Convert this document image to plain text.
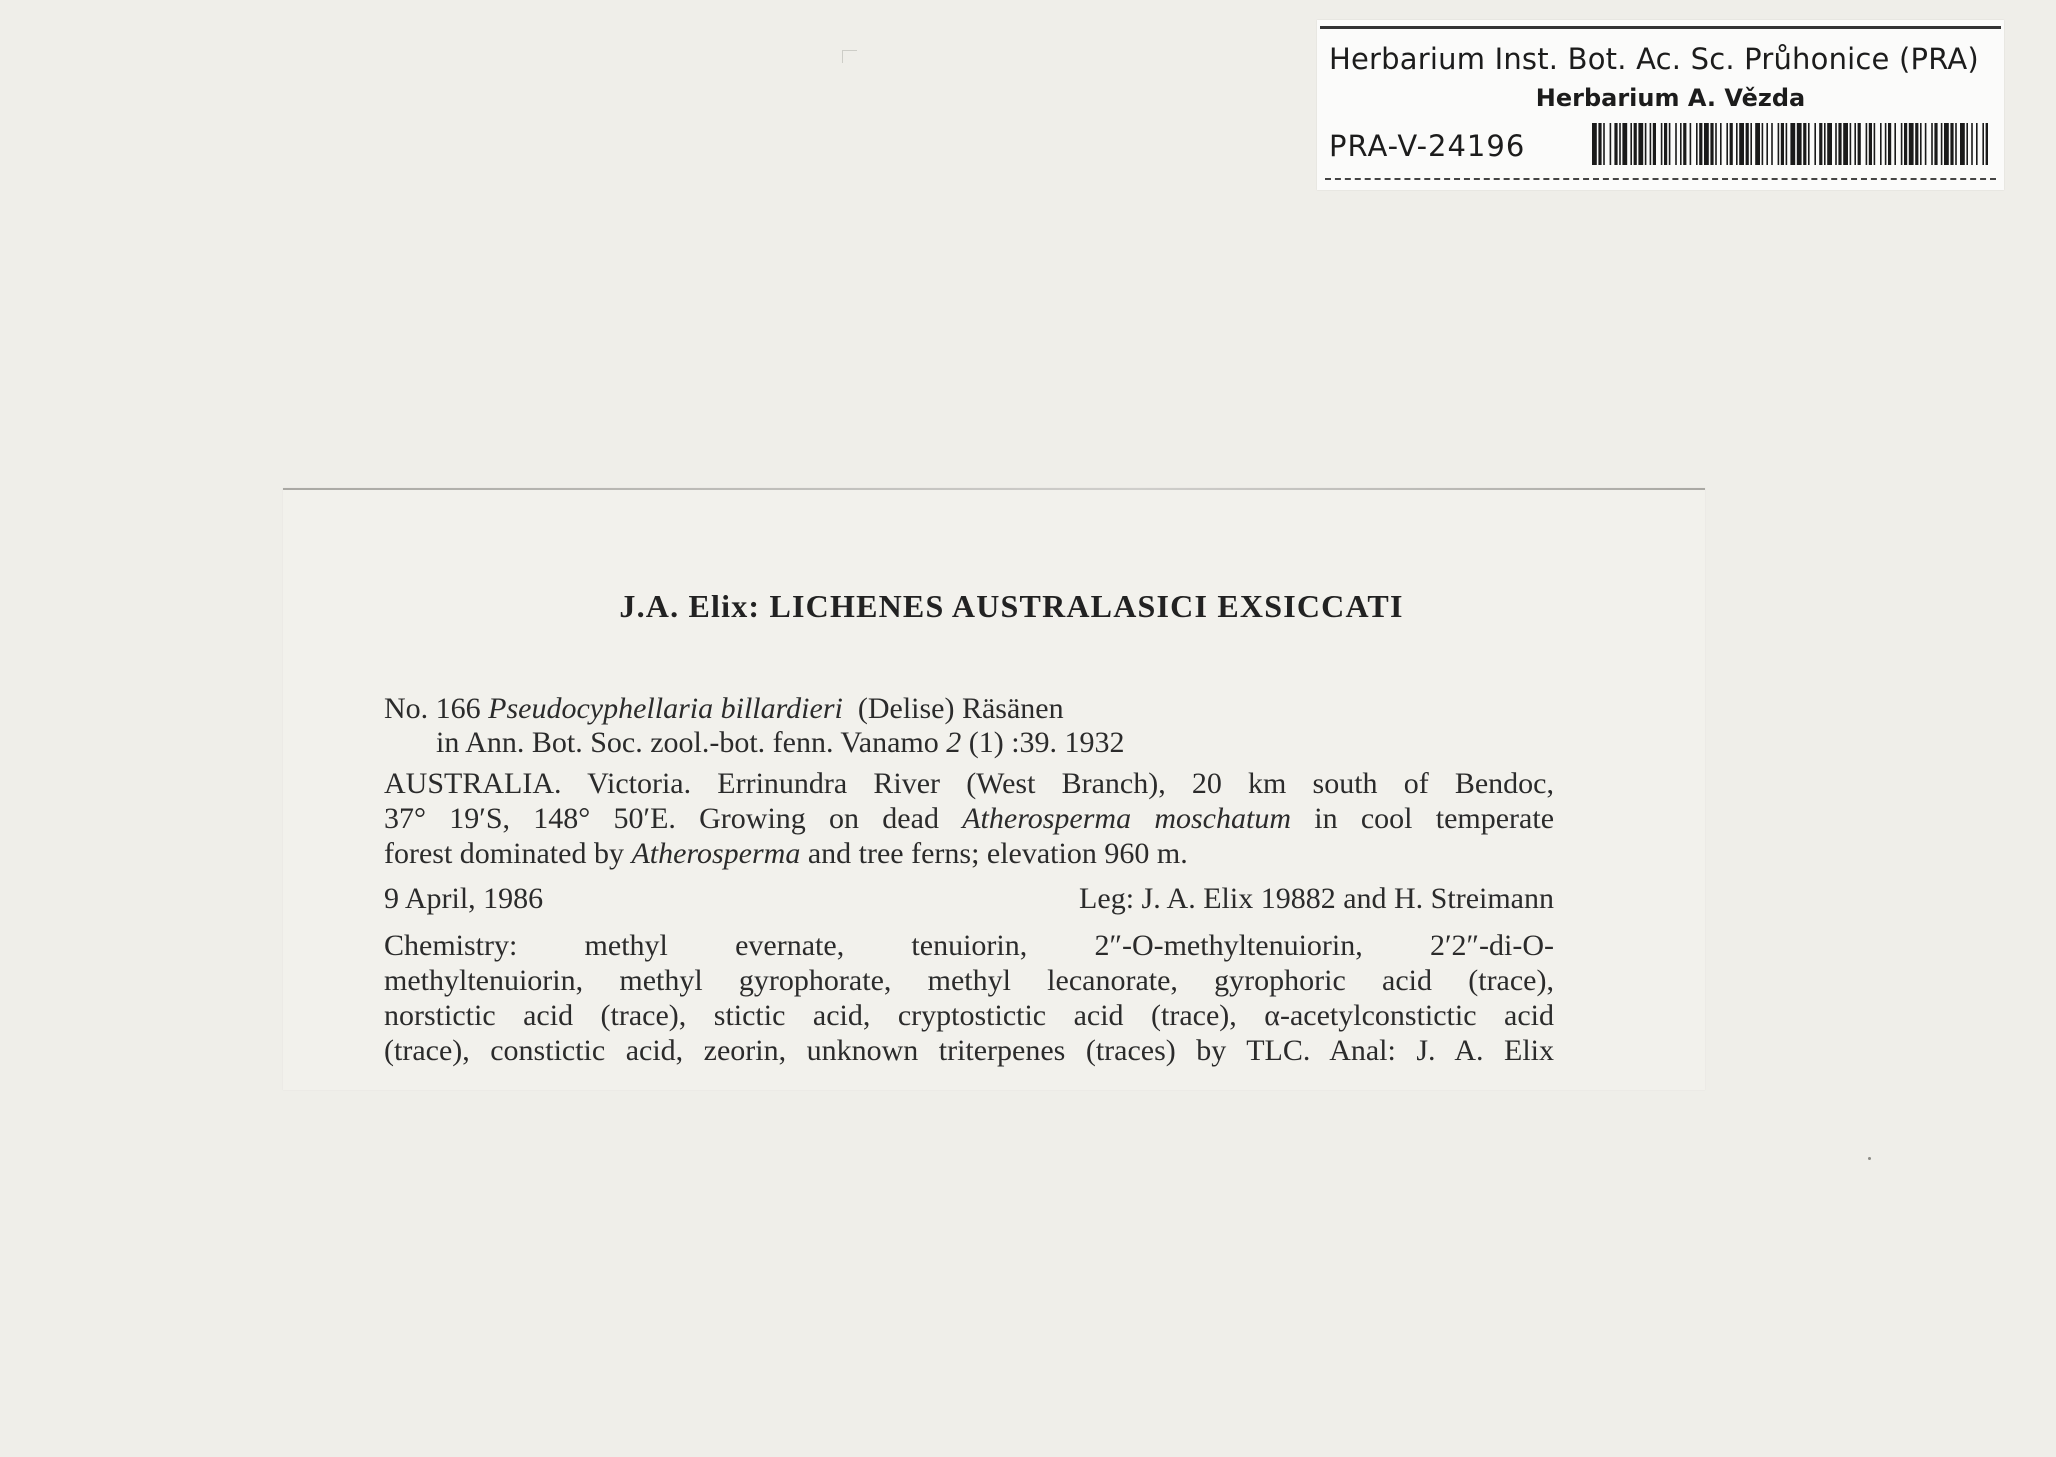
Herbarium Inst. Bot. Ac. Sc. Průhonice (PRA)
Herbarium A. Vězda
PRA-V-24196
J.A. Elix: LICHENES AUSTRALASICI EXSICCATI
No. 166 Pseudocyphellaria billardieri (Delise) Räsänen
in Ann. Bot. Soc. zool.-bot. fenn. Vanamo 2 (1) :39. 1932
AUSTRALIA. Victoria. Errinundra River (West Branch), 20 km south of Bendoc,
37° 19′S, 148° 50′E. Growing on dead Atherosperma moschatum in cool temperate
forest dominated by Atherosperma and tree ferns; elevation 960 m.
9 April, 1986	Leg: J. A. Elix 19882 and H. Streimann
Chemistry: methyl evernate, tenuiorin, 2″-O-methyltenuiorin, 2′2″-di-O-
methyltenuiorin, methyl gyrophorate, methyl lecanorate, gyrophoric acid (trace),
norstictic acid (trace), stictic acid, cryptostictic acid (trace), α-acetylconstictic acid
(trace), constictic acid, zeorin, unknown triterpenes (traces) by TLC. Anal: J. A. Elix
